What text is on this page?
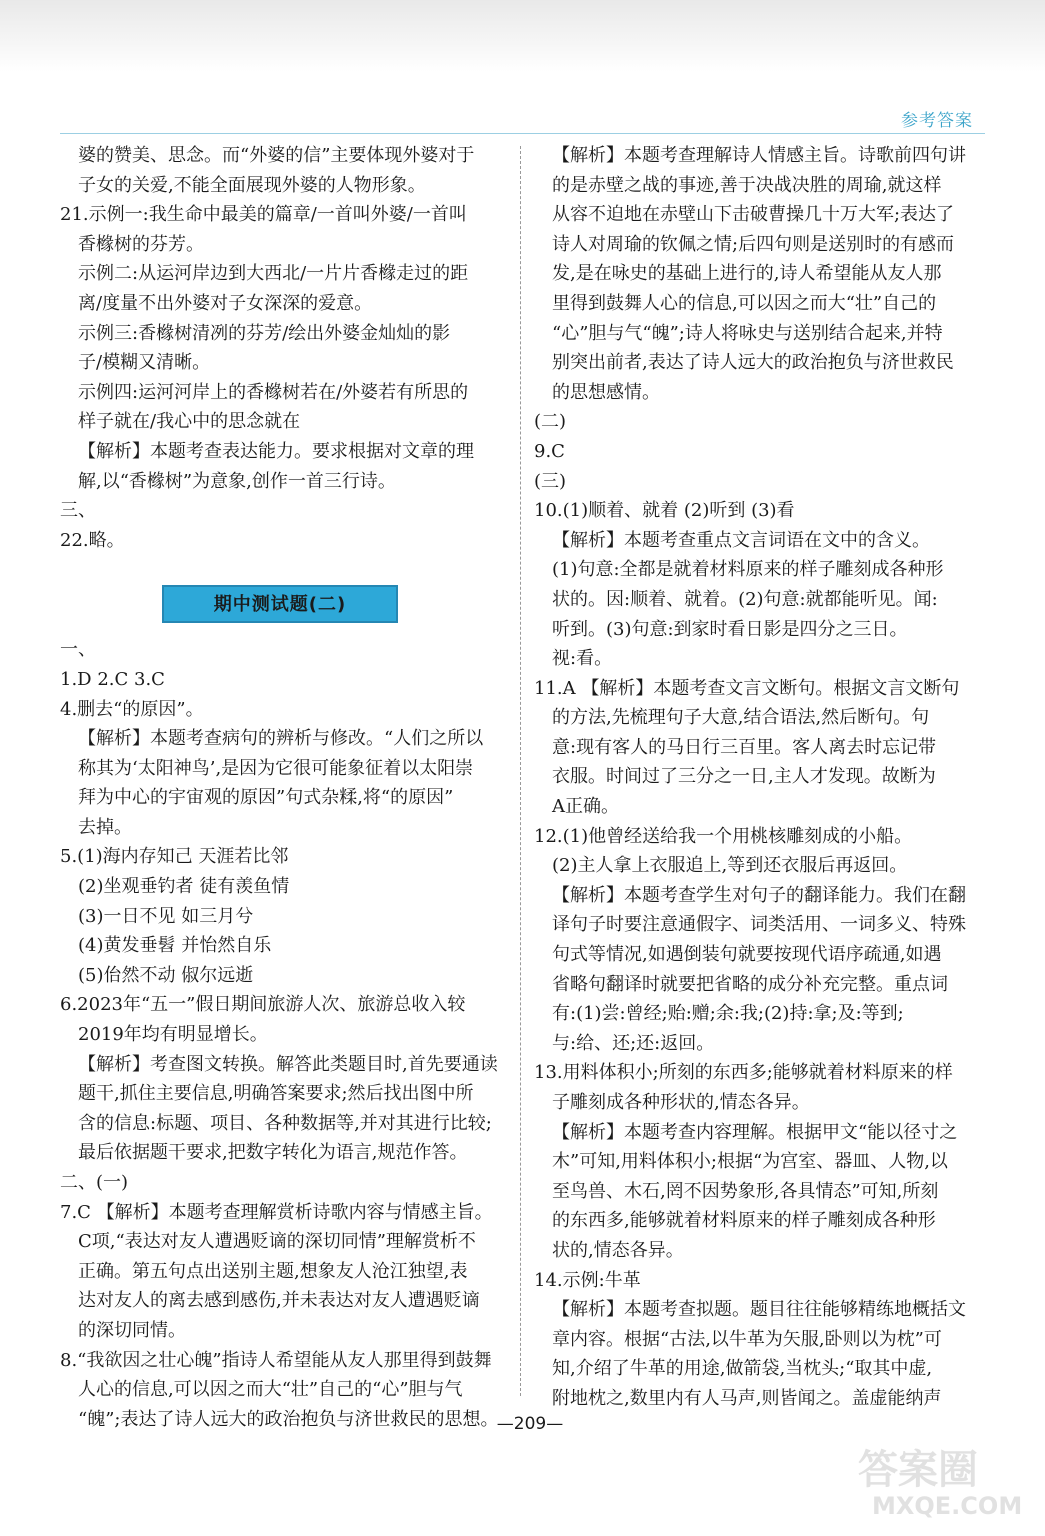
参考答案
婆的赞美、思念。而“外婆的信”主要体现外婆对于
子女的关爱,不能全面展现外婆的人物形象。
21.示例一:我生命中最美的篇章/一首叫外婆/一首叫
香橼树的芬芳。
示例二:从运河岸边到大西北/一片片香橼走过的距
离/度量不出外婆对子女深深的爱意。
示例三:香橼树清冽的芬芳/绘出外婆金灿灿的影
子/模糊又清晰。
示例四:运河河岸上的香橼树若在/外婆若有所思的
样子就在/我心中的思念就在
【解析】本题考查表达能力。要求根据对文章的理
解,以“香橼树”为意象,创作一首三行诗。
三、
22.略。
期中测试题(二)
一、
1.D 2.C 3.C
4.删去“的原因”。
【解析】本题考查病句的辨析与修改。“人们之所以
称其为‘太阳神鸟’,是因为它很可能象征着以太阳崇
拜为中心的宇宙观的原因”句式杂糅,将“的原因”
去掉。
5.(1)海内存知己 天涯若比邻
(2)坐观垂钓者 徒有羡鱼情
(3)一日不见 如三月兮
(4)黄发垂髫 并怡然自乐
(5)佁然不动 俶尔远逝
6.2023年“五一”假日期间旅游人次、旅游总收入较
2019年均有明显增长。
【解析】考查图文转换。解答此类题目时,首先要通读
题干,抓住主要信息,明确答案要求;然后找出图中所
含的信息:标题、项目、各种数据等,并对其进行比较;
最后依据题干要求,把数字转化为语言,规范作答。
二、(一)
7.C 【解析】本题考查理解赏析诗歌内容与情感主旨。
C项,“表达对友人遭遇贬谪的深切同情”理解赏析不
正确。第五句点出送别主题,想象友人沧江独望,表
达对友人的离去感到感伤,并未表达对友人遭遇贬谪
的深切同情。
8.“我欲因之壮心魄”指诗人希望能从友人那里得到鼓舞
人心的信息,可以因之而大“壮”自己的“心”胆与气
“魄”;表达了诗人远大的政治抱负与济世救民的思想。
【解析】本题考查理解诗人情感主旨。诗歌前四句讲
的是赤壁之战的事迹,善于决战决胜的周瑜,就这样
从容不迫地在赤壁山下击破曹操几十万大军;表达了
诗人对周瑜的钦佩之情;后四句则是送别时的有感而
发,是在咏史的基础上进行的,诗人希望能从友人那
里得到鼓舞人心的信息,可以因之而大“壮”自己的
“心”胆与气“魄”;诗人将咏史与送别结合起来,并特
别突出前者,表达了诗人远大的政治抱负与济世救民
的思想感情。
(二)
9.C
(三)
10.(1)顺着、就着 (2)听到 (3)看
【解析】本题考查重点文言词语在文中的含义。
(1)句意:全都是就着材料原来的样子雕刻成各种形
状的。因:顺着、就着。(2)句意:就都能听见。闻:
听到。(3)句意:到家时看日影是四分之三日。
视:看。
11.A 【解析】本题考查文言文断句。根据文言文断句
的方法,先梳理句子大意,结合语法,然后断句。句
意:现有客人的马日行三百里。客人离去时忘记带
衣服。时间过了三分之一日,主人才发现。故断为
A正确。
12.(1)他曾经送给我一个用桃核雕刻成的小船。
(2)主人拿上衣服追上,等到还衣服后再返回。
【解析】本题考查学生对句子的翻译能力。我们在翻
译句子时要注意通假字、词类活用、一词多义、特殊
句式等情况,如遇倒装句就要按现代语序疏通,如遇
省略句翻译时就要把省略的成分补充完整。重点词
有:(1)尝:曾经;贻:赠;余:我;(2)持:拿;及:等到;
与:给、还;还:返回。
13.用料体积小;所刻的东西多;能够就着材料原来的样
子雕刻成各种形状的,情态各异。
【解析】本题考查内容理解。根据甲文“能以径寸之
木”可知,用料体积小;根据“为宫室、器皿、人物,以
至鸟兽、木石,罔不因势象形,各具情态”可知,所刻
的东西多,能够就着材料原来的样子雕刻成各种形
状的,情态各异。
14.示例:牛革
【解析】本题考查拟题。题目往往能够精练地概括文
章内容。根据“古法,以牛革为矢服,卧则以为枕”可
知,介绍了牛革的用途,做箭袋,当枕头;“取其中虚,
附地枕之,数里内有人马声,则皆闻之。盖虚能纳声
—209—
答案圈
MXQE.COM
